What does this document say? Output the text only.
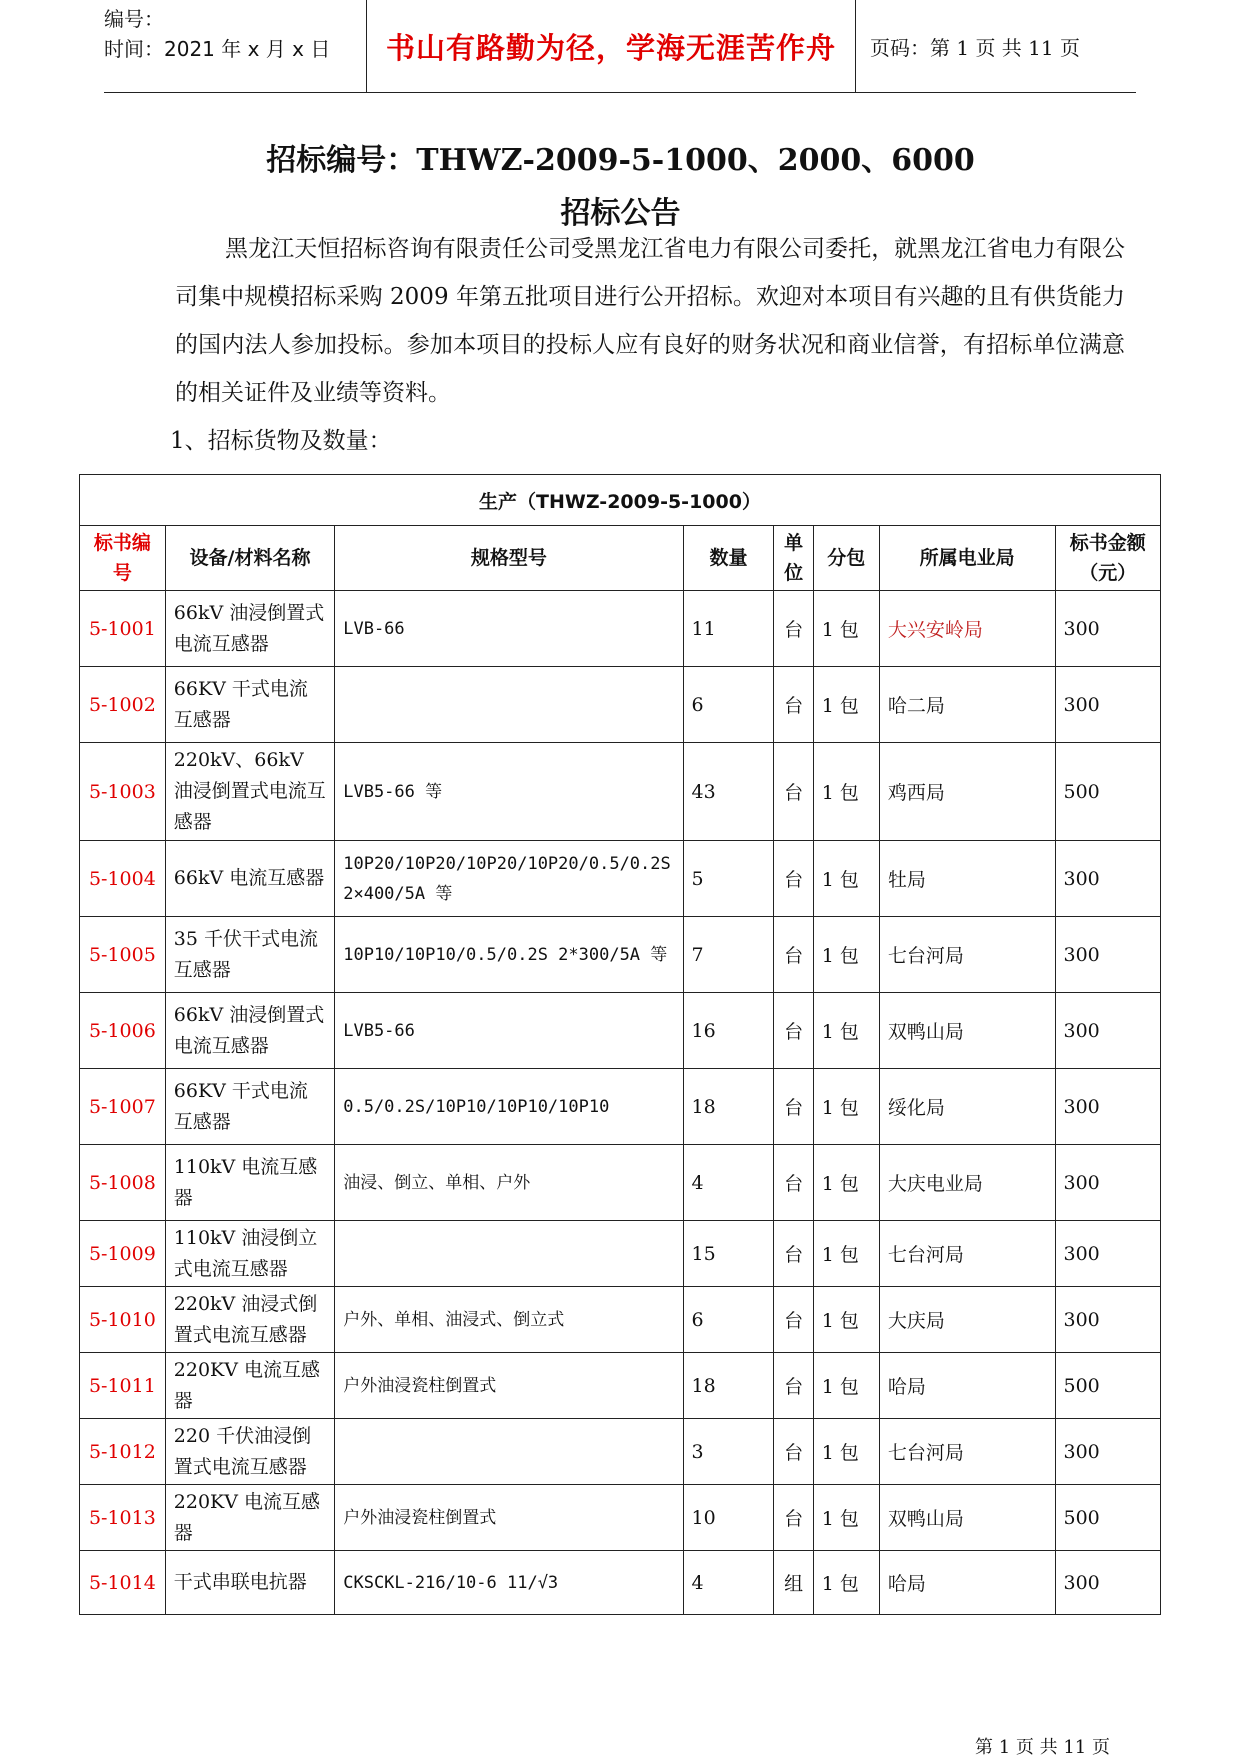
编号：
时间：2021 年 x 月 x 日	书山有路勤为径，学海无涯苦作舟	页码：第 1 页 共 11 页
招标编号：THWZ-2009-5-1000、2000、6000
招标公告

黑龙江天恒招标咨询有限责任公司受黑龙江省电力有限公司委托，就黑龙江省电力有限公司集中规模招标采购 2009 年第五批项目进行公开招标。欢迎对本项目有兴趣的且有供货能力的国内法人参加投标。参加本项目的投标人应有良好的财务状况和商业信誉，有招标单位满意的相关证件及业绩等资料。

1、招标货物及数量：
生产（THWZ-2009-5-1000）							
标书编号	设备/材料名称	规格型号	数量	单位	分包	所属电业局	标书金额（元）
5-1001	66kV 油浸倒置式电流互感器	LVB-66	11	台	1 包	大兴安岭局	300
5-1002	66KV 干式电流互感器		6	台	1 包	哈二局	300
5-1003	220kV、66kV 油浸倒置式电流互感器	LVB5-66 等	43	台	1 包	鸡西局	500
5-1004	66kV 电流互感器	10P20/10P20/10P20/10P20/0.5/0.2S 2×400/5A 等	5	台	1 包	牡局	300
5-1005	35 千伏干式电流互感器	10P10/10P10/0.5/0.2S 2*300/5A 等	7	台	1 包	七台河局	300
5-1006	66kV 油浸倒置式电流互感器	LVB5-66	16	台	1 包	双鸭山局	300
5-1007	66KV 干式电流互感器	0.5/0.2S/10P10/10P10/10P10	18	台	1 包	绥化局	300
5-1008	110kV 电流互感器	油浸、倒立、单相、户外	4	台	1 包	大庆电业局	300
5-1009	110kV 油浸倒立式电流互感器		15	台	1 包	七台河局	300
5-1010	220kV 油浸式倒置式电流互感器	户外、单相、油浸式、倒立式	6	台	1 包	大庆局	300
5-1011	220KV 电流互感器	户外油浸瓷柱倒置式	18	台	1 包	哈局	500
5-1012	220 千伏油浸倒置式电流互感器		3	台	1 包	七台河局	300
5-1013	220KV 电流互感器	户外油浸瓷柱倒置式	10	台	1 包	双鸭山局	500
5-1014	干式串联电抗器	CKSCKL-216/10-6 11/√3	4	组	1 包	哈局	300
第 1 页 共 11 页
